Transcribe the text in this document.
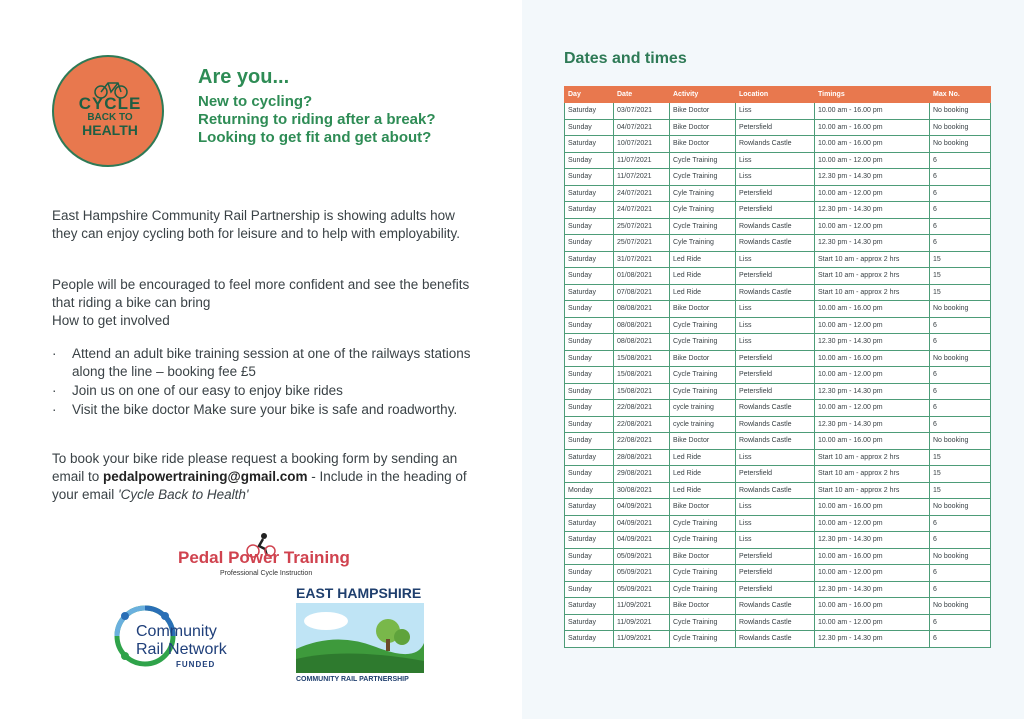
CYCLE
BACK TO
HEALTH
Are you...
New to cycling?
Returning to riding after a break?
Looking to get fit and get about?
East Hampshire Community Rail Partnership is showing adults how they can enjoy cycling both for leisure and to help with employability.
People will be encouraged to feel more confident and see the benefits that riding a bike can bring
How to get involved
· Attend an adult bike training session at one of the railways stations along the line – booking fee £5
· Join us on one of our easy to enjoy bike rides
· Visit the bike doctor Make sure your bike is safe and roadworthy.
To book your bike ride please request a booking form by sending an email to pedalpowertraining@gmail.com - Include in the heading of your email 'Cycle Back to Health'
Pedal Power Training
Professional Cycle Instruction
Community
Rail Network
FUNDED
EAST HAMPSHIRE
COMMUNITY RAIL PARTNERSHIP
Dates and times
Day	Date	Activity	Location	Timings	Max No.
Saturday	03/07/2021	Bike Doctor	Liss	10.00 am - 16.00 pm	No booking
Sunday	04/07/2021	Bike Doctor	Petersfield	10.00 am - 16.00 pm	No booking
Saturday	10/07/2021	Bike Doctor	Rowlands Castle	10.00 am - 16.00 pm	No booking
Sunday	11/07/2021	Cycle Training	Liss	10.00 am - 12.00 pm	6
Sunday	11/07/2021	Cycle Training	Liss	12.30 pm - 14.30 pm	6
Saturday	24/07/2021	Cyle Training	Petersfield	10.00 am - 12.00 pm	6
Saturday	24/07/2021	Cyle Training	Petersfield	12.30 pm - 14.30 pm	6
Sunday	25/07/2021	Cycle Training	Rowlands Castle	10.00 am - 12.00 pm	6
Sunday	25/07/2021	Cyle Training	Rowlands Castle	12.30 pm - 14.30 pm	6
Saturday	31/07/2021	Led Ride	Liss	Start 10 am - approx 2 hrs	15
Sunday	01/08/2021	Led Ride	Petersfield	Start 10 am - approx 2 hrs	15
Saturday	07/08/2021	Led Ride	Rowlands Castle	Start 10 am - approx 2 hrs	15
Sunday	08/08/2021	Bike Doctor	Liss	10.00 am - 16.00 pm	No booking
Sunday	08/08/2021	Cycle Training	Liss	10.00 am - 12.00 pm	6
Sunday	08/08/2021	Cycle Training	Liss	12.30 pm - 14.30 pm	6
Sunday	15/08/2021	Bike Doctor	Petersfield	10.00 am - 16.00 pm	No booking
Sunday	15/08/2021	Cycle Training	Petersfield	10.00 am - 12.00 pm	6
Sunday	15/08/2021	Cycle Training	Petersfield	12.30 pm - 14.30 pm	6
Sunday	22/08/2021	cycle training	Rowlands Castle	10.00 am - 12.00 pm	6
Sunday	22/08/2021	cycle training	Rowlands Castle	12.30 pm - 14.30 pm	6
Sunday	22/08/2021	Bike Doctor	Rowlands Castle	10.00 am - 16.00 pm	No booking
Saturday	28/08/2021	Led Ride	Liss	Start 10 am - approx 2 hrs	15
Sunday	29/08/2021	Led Ride	Petersfield	Start 10 am - approx 2 hrs	15
Monday	30/08/2021	Led Ride	Rowlands Castle	Start 10 am - approx 2 hrs	15
Saturday	04/09/2021	Bike Doctor	Liss	10.00 am - 16.00 pm	No booking
Saturday	04/09/2021	Cycle Training	Liss	10.00 am - 12.00 pm	6
Saturday	04/09/2021	Cycle Training	Liss	12.30 pm - 14.30 pm	6
Sunday	05/09/2021	Bike Doctor	Petersfield	10.00 am - 16.00 pm	No booking
Sunday	05/09/2021	Cycle Training	Petersfield	10.00 am - 12.00 pm	6
Sunday	05/09/2021	Cycle Training	Petersfield	12.30 pm - 14.30 pm	6
Saturday	11/09/2021	Bike Doctor	Rowlands Castle	10.00 am - 16.00 pm	No booking
Saturday	11/09/2021	Cycle Training	Rowlands Castle	10.00 am - 12.00 pm	6
Saturday	11/09/2021	Cycle Training	Rowlands Castle	12.30 pm - 14.30 pm	6
